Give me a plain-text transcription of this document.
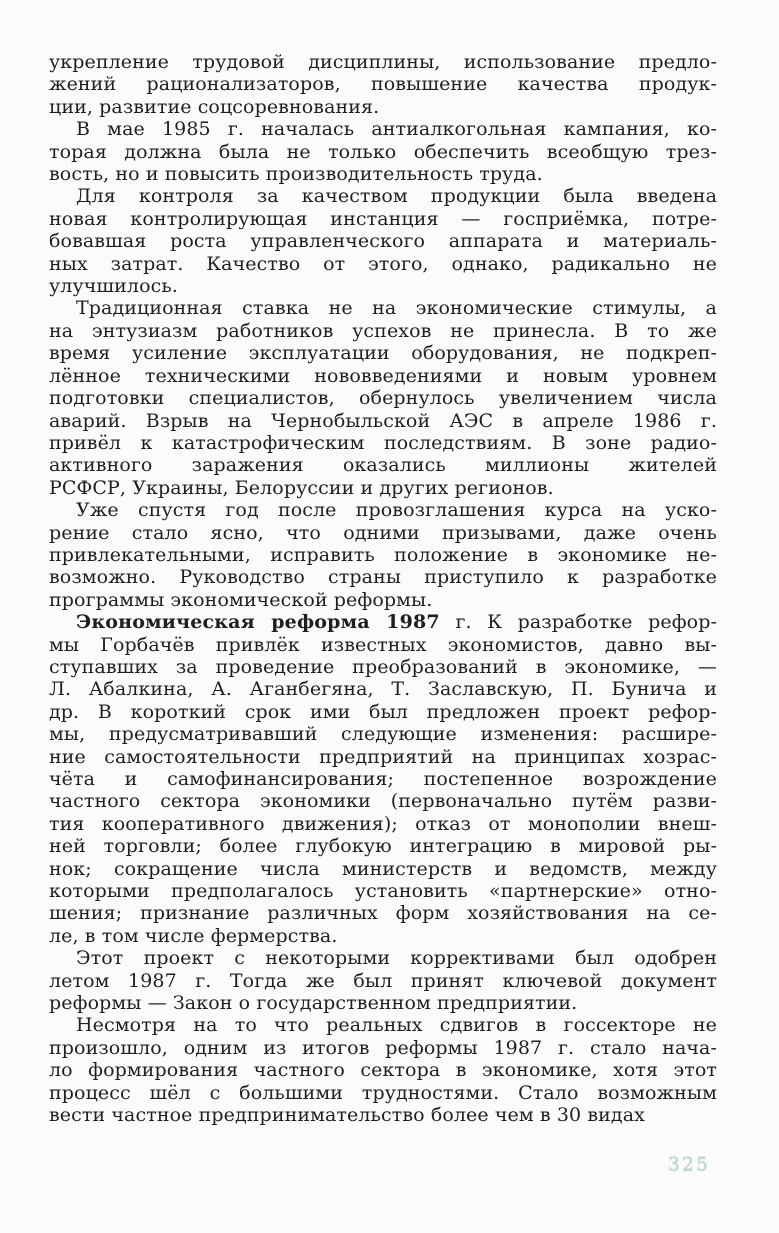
укрепление трудовой дисциплины, использование предло-
жений рационализаторов, повышение качества продук-
ции, развитие соцсоревнования.
В мае 1985 г. началась антиалкогольная кампания, ко-
торая должна была не только обеспечить всеобщую трез-
вость, но и повысить производительность труда.
Для контроля за качеством продукции была введена
новая контролирующая инстанция — госприёмка, потре-
бовавшая роста управленческого аппарата и материаль-
ных затрат. Качество от этого, однако, радикально не
улучшилось.
Традиционная ставка не на экономические стимулы, а
на энтузиазм работников успехов не принесла. В то же
время усиление эксплуатации оборудования, не подкреп-
лённое техническими нововведениями и новым уровнем
подготовки специалистов, обернулось увеличением числа
аварий. Взрыв на Чернобыльской АЭС в апреле 1986 г.
привёл к катастрофическим последствиям. В зоне радио-
активного заражения оказались миллионы жителей
РСФСР, Украины, Белоруссии и других регионов.
Уже спустя год после провозглашения курса на уско-
рение стало ясно, что одними призывами, даже очень
привлекательными, исправить положение в экономике не-
возможно. Руководство страны приступило к разработке
программы экономической реформы.
Экономическая реформа 1987 г. К разработке рефор-
мы Горбачёв привлёк известных экономистов, давно вы-
ступавших за проведение преобразований в экономике, —
Л. Абалкина, А. Аганбегяна, Т. Заславскую, П. Бунича и
др. В короткий срок ими был предложен проект рефор-
мы, предусматривавший следующие изменения: расшире-
ние самостоятельности предприятий на принципах хозрас-
чёта и самофинансирования; постепенное возрождение
частного сектора экономики (первоначально путём разви-
тия кооперативного движения); отказ от монополии внеш-
ней торговли; более глубокую интеграцию в мировой ры-
нок; сокращение числа министерств и ведомств, между
которыми предполагалось установить «партнерские» отно-
шения; признание различных форм хозяйствования на се-
ле, в том числе фермерства.
Этот проект с некоторыми коррективами был одобрен
летом 1987 г. Тогда же был принят ключевой документ
реформы — Закон о государственном предприятии.
Несмотря на то что реальных сдвигов в госсекторе не
произошло, одним из итогов реформы 1987 г. стало нача-
ло формирования частного сектора в экономике, хотя этот
процесс шёл с большими трудностями. Стало возможным
вести частное предпринимательство более чем в 30 видах
325
